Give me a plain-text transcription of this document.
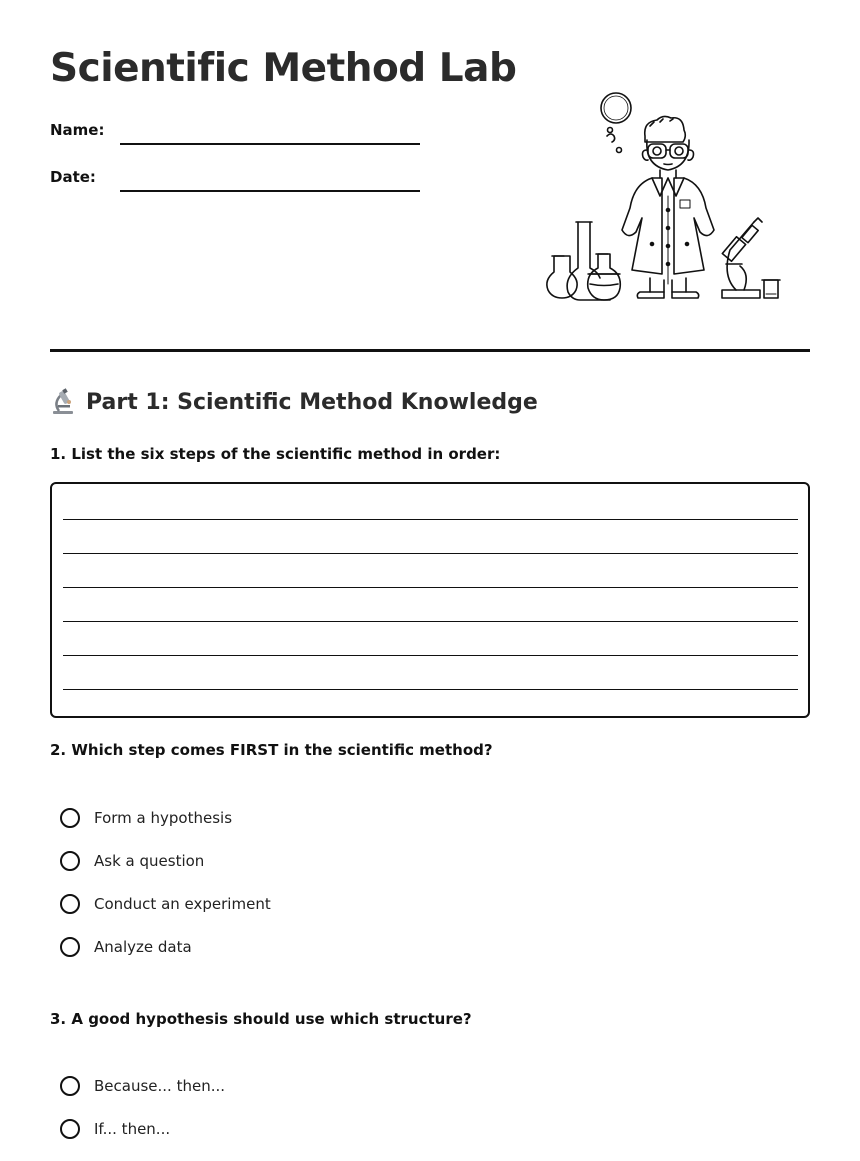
Scientific Method Lab
Name:
Date:
Part 1: Scientific Method Knowledge
1. List the six steps of the scientific method in order:
2. Which step comes FIRST in the scientific method?
Form a hypothesis
Ask a question
Conduct an experiment
Analyze data
3. A good hypothesis should use which structure?
Because... then...
If... then...
